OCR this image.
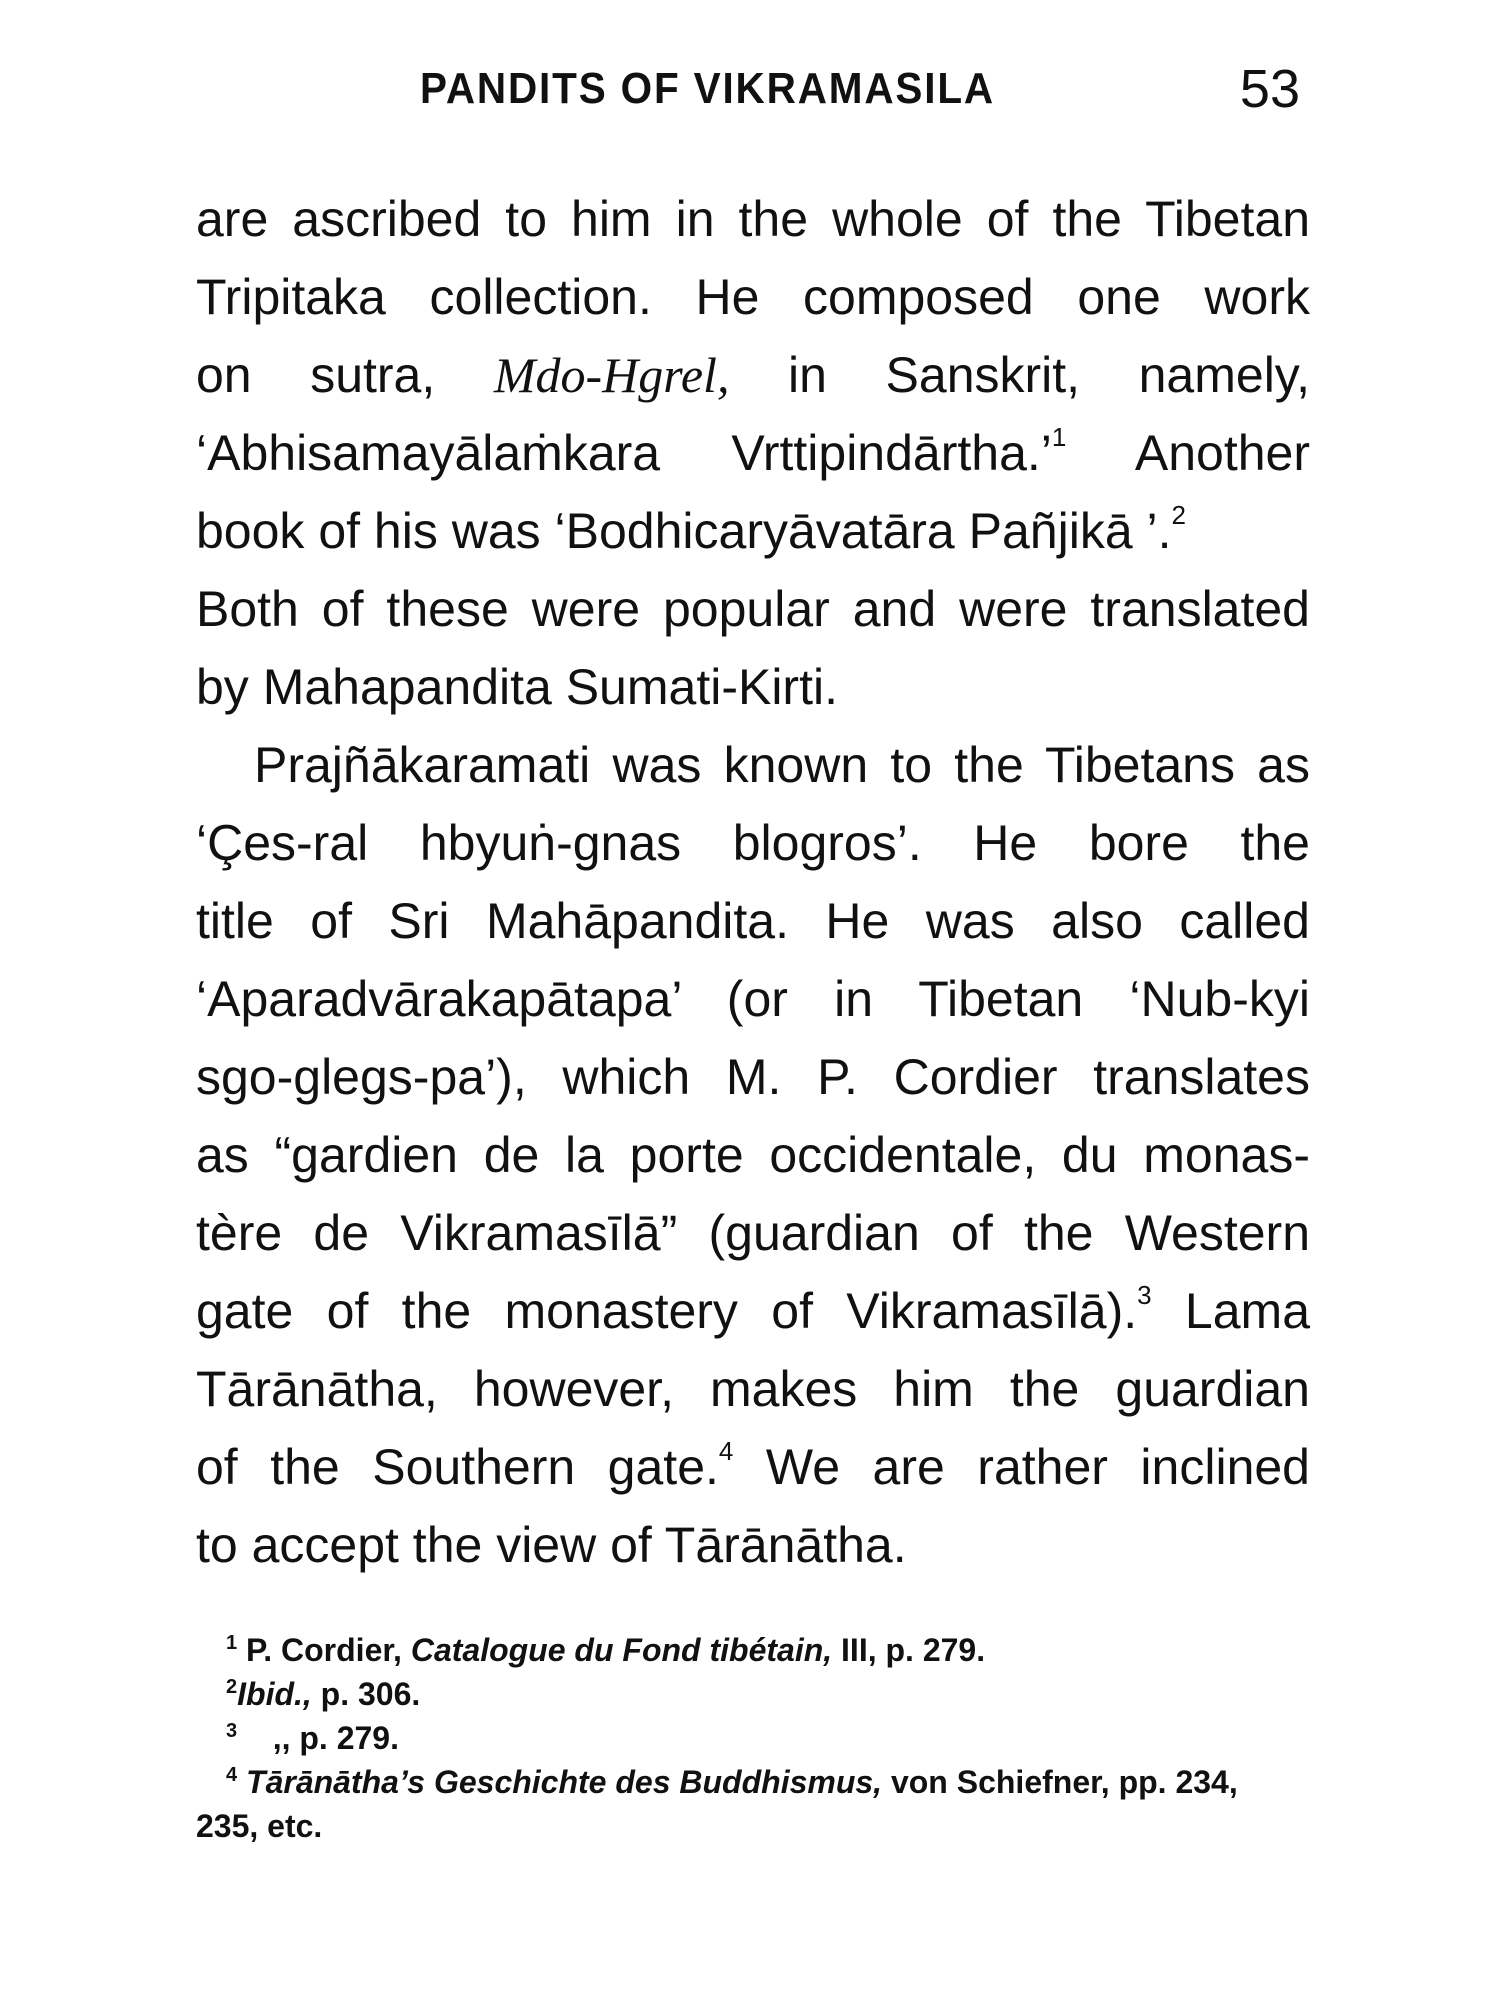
PANDITS OF VIKRAMASILA	53
are ascribed to him in the whole of the Tibetan
Tripitaka collection. He composed one work
on sutra, Mdo-Hgrel, in Sanskrit, namely,
‘Abhisamayālaṁkara Vrttipindārtha.’$^1$ Another
book of his was ‘Bodhicaryāvatāra Pañjikā ’.$^2$
Both of these were popular and were translated
by Mahapandita Sumati-Kirti.
Prajñākaramati was known to the Tibetans as
‘Çes-ral hbyuṅ-gnas blogros’. He bore the
title of Sri Mahāpandita. He was also called
‘Aparadvārakapātapa’ (or in Tibetan ‘Nub-kyi
sgo-glegs-pa’), which M. P. Cordier translates
as “gardien de la porte occidentale, du monas-
tère de Vikramasīlā” (guardian of the Western
gate of the monastery of Vikramasīlā).$^3$ Lama
Tārānātha, however, makes him the guardian
of the Southern gate.$^4$ We are rather inclined
to accept the view of Tārānātha.
$^1$ P. Cordier, Catalogue du Fond tibétain, III, p. 279.
$^2$Ibid., p. 306.
$^3$ ,, p. 279.
$^4$ Tārānātha’s Geschichte des Buddhismus, von Schiefner, pp. 234,
235, etc.
